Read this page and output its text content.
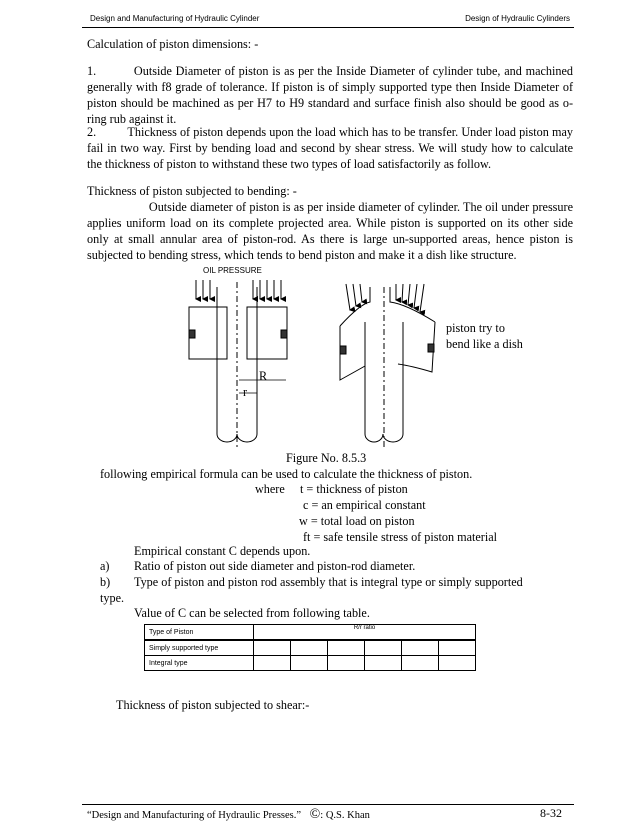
Design and Manufacturing of Hydraulic Cylinder	Design of Hydraulic Cylinders
Calculation of piston dimensions: -
1.          Outside Diameter of piston is as per the Inside Diameter of cylinder tube, and machined
generally with f8 grade of tolerance. If piston is of simply supported type then Inside Diameter of
piston should be machined as per H7 to H9 standard and surface finish also should be good as o-
ring rub against it.
2.          Thickness of piston depends upon the load which has to be transfer. Under load piston may
fail in two way. First by bending load and second by shear stress. We will study how to calculate
the thickness of piston to withstand these two types of load satisfactorily as follow.
Thickness of piston subjected to bending: -
Outside diameter of piston is as per inside diameter of cylinder. The oil under pressure
applies uniform load on its complete projected area. While piston is supported on its other side
only at small annular area of piston-rod. As there is large un-supported areas, hence piston is
subjected to bending stress, which tends to bend piston and make it a dish like structure.
OIL PRESSURE
R
r
piston try to
bend like a dish
Figure No. 8.5.3
following empirical formula can be used to calculate the thickness of piston.
where t = thickness of piston
c = an empirical constant
w = total load on piston
ft = safe tensile stress of piston material
Empirical constant C depends upon.
a) Ratio of piston out side diameter and piston-rod diameter.
b) Type of piston and piston rod assembly that is integral type or simply supported
type.
Value of C can be selected from following table.
Type of Piston	R/r ratio					

Simply supported type						
Integral type						
Thickness of piston subjected to shear:-
“Design and Manufacturing of Hydraulic Presses.” ©: Q.S. Khan	8-32
